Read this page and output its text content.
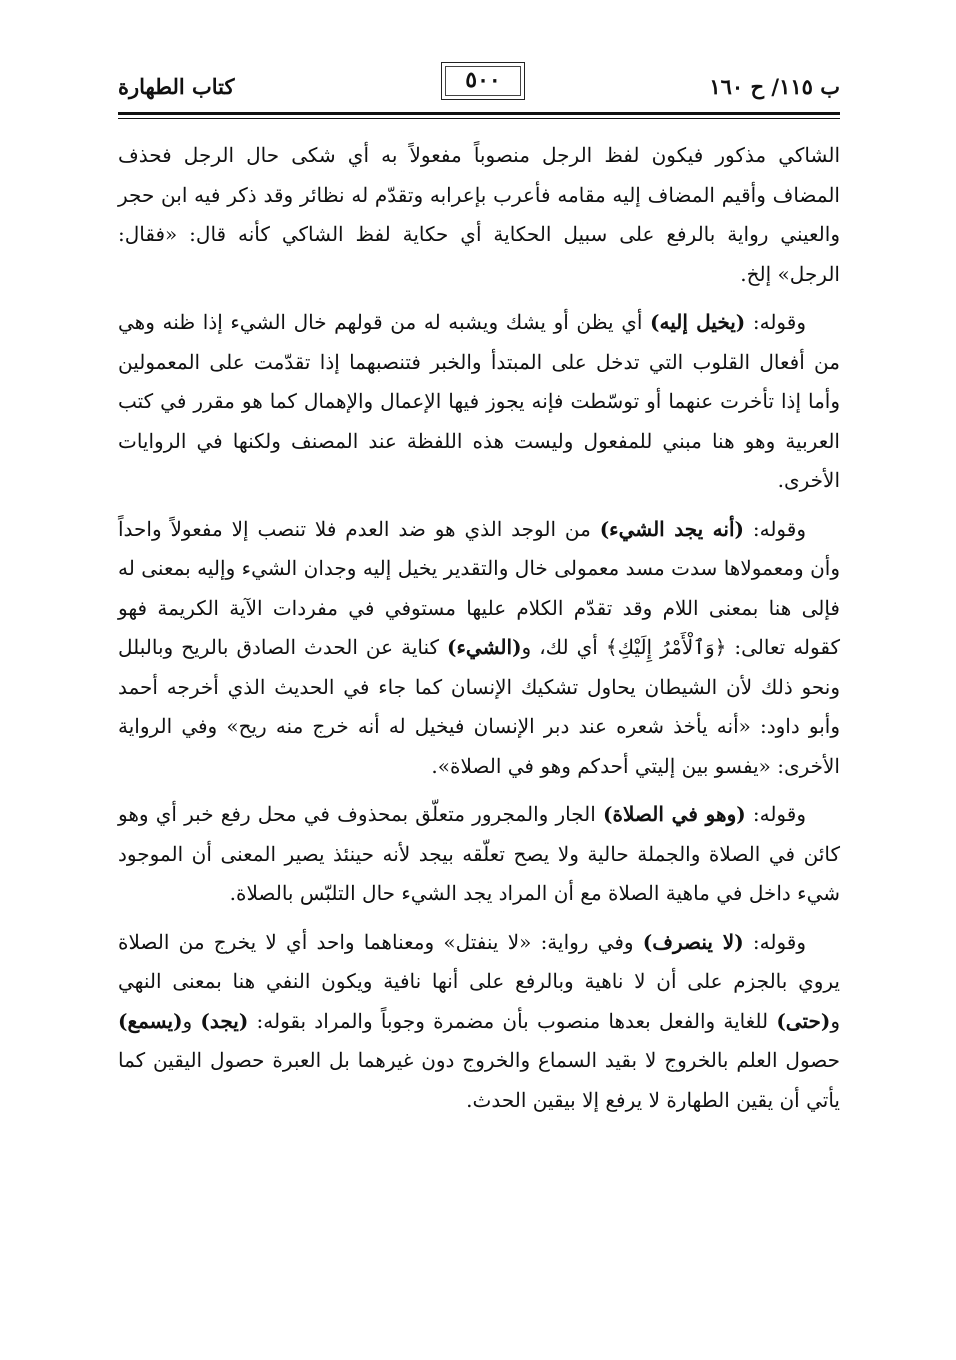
ب ١١٥/ ح ١٦٠
٥٠٠
كتاب الطهارة

الشاكي مذكور فيكون لفظ الرجل منصوباً مفعولاً به أي شكى حال الرجل فحذف المضاف وأقيم المضاف إليه مقامه فأعرب بإعرابه وتقدّم له نظائر وقد ذكر فيه ابن حجر والعيني رواية بالرفع على سبيل الحكاية أي حكاية لفظ الشاكي كأنه قال: «فقال: الرجل» إلخ.

وقوله: (يخيل إليه) أي يظن أو يشك ويشبه له من قولهم خال الشيء إذا ظنه وهي من أفعال القلوب التي تدخل على المبتدأ والخبر فتنصبهما إذا تقدّمت على المعمولين وأما إذا تأخرت عنهما أو توسّطت فإنه يجوز فيها الإعمال والإهمال كما هو مقرر في كتب العربية وهو هنا مبني للمفعول وليست هذه اللفظة عند المصنف ولكنها في الروايات الأخرى.

وقوله: (أنه يجد الشيء) من الوجد الذي هو ضد العدم فلا تنصب إلا مفعولاً واحداً وأن ومعمولاها سدت مسد معمولى خال والتقدير يخيل إليه وجدان الشيء وإليه بمعنى له فإلى هنا بمعنى اللام وقد تقدّم الكلام عليها مستوفي في مفردات الآية الكريمة فهو كقوله تعالى: ﴿وَٱلْأَمْرُ إِلَيْكِ﴾ أي لك، و(الشيء) كناية عن الحدث الصادق بالريح وبالبلل ونحو ذلك لأن الشيطان يحاول تشكيك الإنسان كما جاء في الحديث الذي أخرجه أحمد وأبو داود: «أنه يأخذ شعره عند دبر الإنسان فيخيل له أنه خرج منه ريح» وفي الرواية الأخرى: «يفسو بين إليتي أحدكم وهو في الصلاة».

وقوله: (وهو في الصلاة) الجار والمجرور متعلّق بمحذوف في محل رفع خبر أي وهو كائن في الصلاة والجملة حالية ولا يصح تعلّقه بيجد لأنه حينئذ يصير المعنى أن الموجود شيء داخل في ماهية الصلاة مع أن المراد يجد الشيء حال التلبّس بالصلاة.

وقوله: (لا ينصرف) وفي رواية: «لا ينفتل» ومعناهما واحد أي لا يخرج من الصلاة يروي بالجزم على أن لا ناهية وبالرفع على أنها نافية ويكون النفي هنا بمعنى النهي و(حتى) للغاية والفعل بعدها منصوب بأن مضمرة وجوباً والمراد بقوله: (يجد) و(يسمع) حصول العلم بالخروج لا بقيد السماع والخروج دون غيرهما بل العبرة حصول اليقين كما يأتي أن يقين الطهارة لا يرفع إلا بيقين الحدث.
